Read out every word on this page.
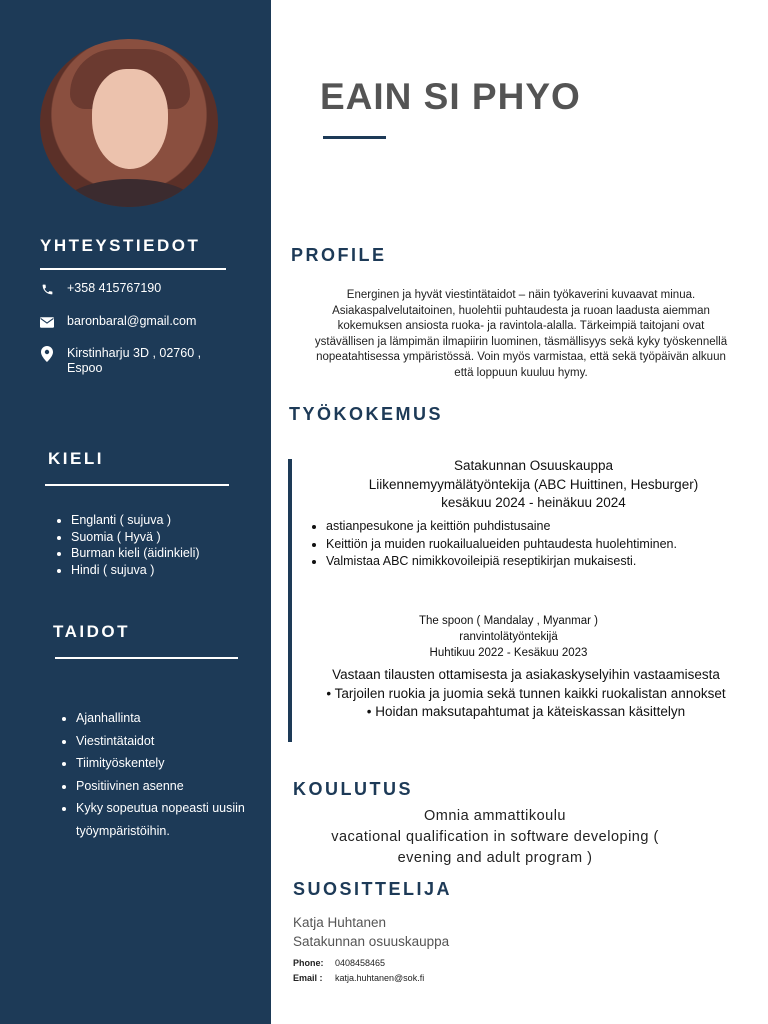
YHTEYSTIEDOT
+358 415767190
baronbaral@gmail.com
Kirstinharju 3D , 02760 ,
Espoo
KIELI
• Englanti ( sujuva )
• Suomia ( Hyvä )
• Burman kieli (äidinkieli)
• Hindi ( sujuva )
TAIDOT
• Ajanhallinta
• Viestintätaidot
• Tiimityöskentely
• Positiivinen asenne
• Kyky sopeutua nopeasti uusiin
työympäristöihin.
EAIN SI PHYO
PROFILE
Energinen ja hyvät viestintätaidot – näin työkaverini kuvaavat minua.
Asiakaspalvelutaitoinen, huolehtii puhtaudesta ja ruoan laadusta aiemman
kokemuksen ansiosta ruoka- ja ravintola-alalla. Tärkeimpiä taitojani ovat
ystävällisen ja lämpimän ilmapiirin luominen, täsmällisyys sekä kyky työskennellä
nopeatahtisessa ympäristössä. Voin myös varmistaa, että sekä työpäivän alkuun
että loppuun kuuluu hymy.
TYÖKOKEMUS
Satakunnan Osuuskauppa
Liikennemyymälätyöntekija (ABC Huittinen, Hesburger)
kesäkuu 2024 - heinäkuu 2024
• astianpesukone ja keittiön puhdistusaine
• Keittiön ja muiden ruokailualueiden puhtaudesta huolehtiminen.
• Valmistaa ABC nimikkovoileipiä reseptikirjan mukaisesti.
The spoon ( Mandalay , Myanmar )
ranvintolätyöntekijä
Huhtikuu 2022 - Kesäkuu 2023
Vastaan tilausten ottamisesta ja asiakaskyselyihin vastaamisesta
• Tarjoilen ruokia ja juomia sekä tunnen kaikki ruokalistan annokset
• Hoidan maksutapahtumat ja käteiskassan käsittelyn
KOULUTUS
Omnia ammattikoulu
vacational qualification in software developing (
evening and adult program )
SUOSITTELIJA
Katja Huhtanen
Satakunnan osuuskauppa
Phone:	0408458465
Email :	katja.huhtanen@sok.fi
